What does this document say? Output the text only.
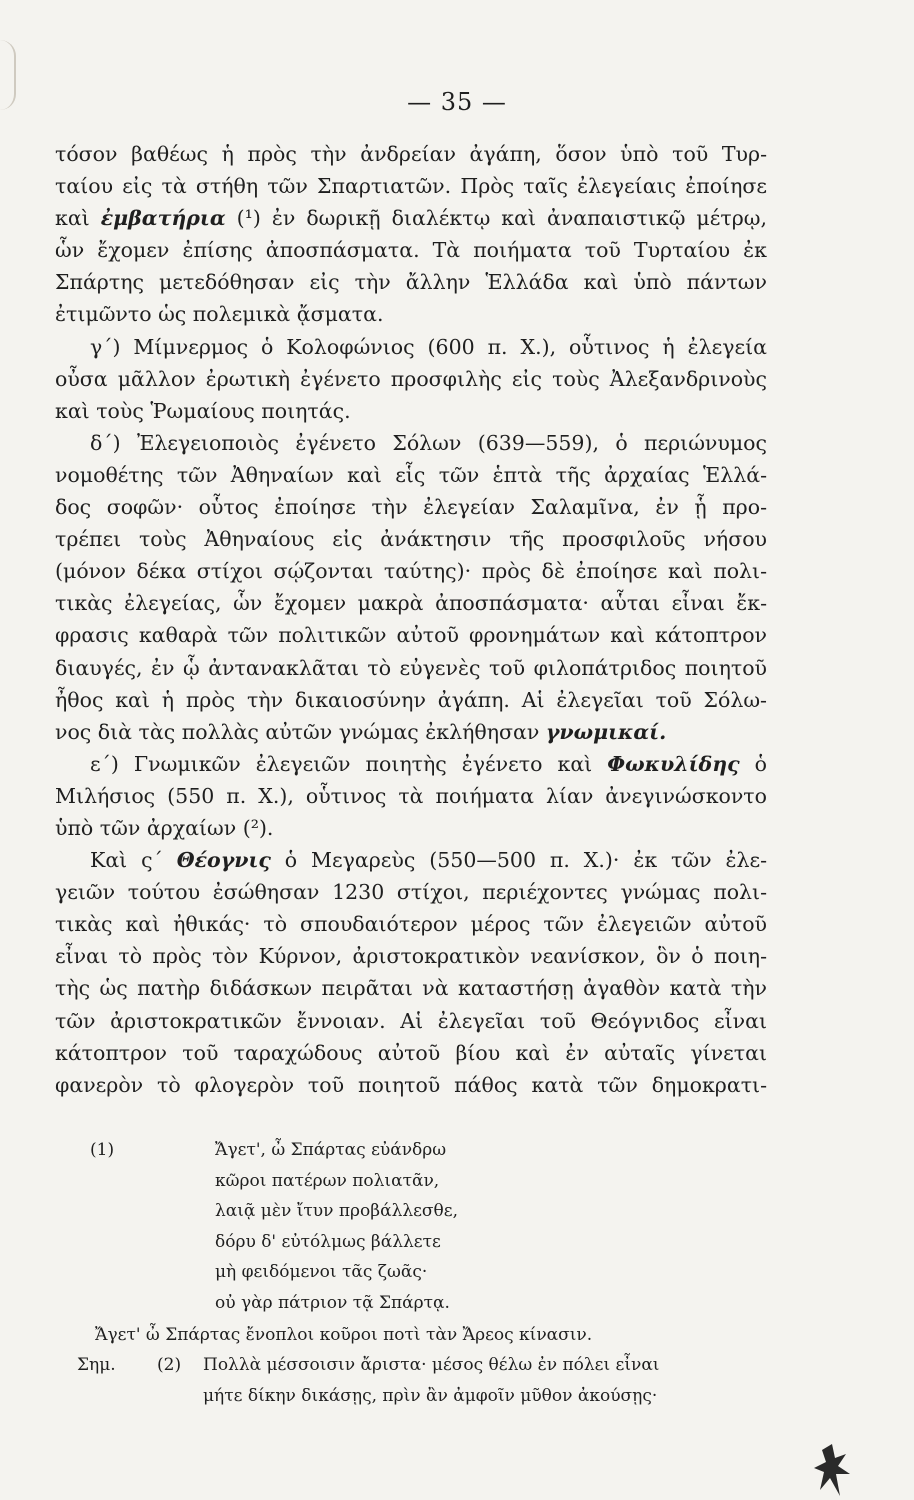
— 35 —
τόσον βαθέως ἡ πρὸς τὴν ἀνδρείαν ἀγάπη, ὅσον ὑπὸ τοῦ Τυρ-
ταίου εἰς τὰ στήθη τῶν Σπαρτιατῶν. Πρὸς ταῖς ἐλεγείαις ἐποίησε
καὶ ἐμβατήρια (¹) ἐν δωρικῇ διαλέκτῳ καὶ ἀναπαιστικῷ μέτρῳ,
ὧν ἔχομεν ἐπίσης ἀποσπάσματα. Τὰ ποιήματα τοῦ Τυρταίου ἐκ
Σπάρτης μετεδόθησαν εἰς τὴν ἄλλην Ἑλλάδα καὶ ὑπὸ πάντων
ἐτιμῶντο ὡς πολεμικὰ ᾄσματα.
γ΄) Μίμνερμος ὁ Κολοφώνιος (600 π. Χ.), οὗτινος ἡ ἐλεγεία
οὖσα μᾶλλον ἐρωτικὴ ἐγένετο προσφιλὴς εἰς τοὺς Ἀλεξανδρινοὺς
καὶ τοὺς Ῥωμαίους ποιητάς.
δ΄) Ἐλεγειοποιὸς ἐγένετο Σόλων (639—559), ὁ περιώνυμος
νομοθέτης τῶν Ἀθηναίων καὶ εἷς τῶν ἑπτὰ τῆς ἀρχαίας Ἑλλά-
δος σοφῶν· οὗτος ἐποίησε τὴν ἐλεγείαν Σαλαμῖνα, ἐν ᾗ προ-
τρέπει τοὺς Ἀθηναίους εἰς ἀνάκτησιν τῆς προσφιλοῦς νήσου
(μόνον δέκα στίχοι σῴζονται ταύτης)· πρὸς δὲ ἐποίησε καὶ πολι-
τικὰς ἐλεγείας, ὧν ἔχομεν μακρὰ ἀποσπάσματα· αὗται εἶναι ἔκ-
φρασις καθαρὰ τῶν πολιτικῶν αὐτοῦ φρονημάτων καὶ κάτοπτρον
διαυγές, ἐν ᾧ ἀντανακλᾶται τὸ εὐγενὲς τοῦ φιλοπάτριδος ποιητοῦ
ἦθος καὶ ἡ πρὸς τὴν δικαιοσύνην ἀγάπη. Αἱ ἐλεγεῖαι τοῦ Σόλω-
νος διὰ τὰς πολλὰς αὐτῶν γνώμας ἐκλήθησαν γνωμικαί.
ε΄) Γνωμικῶν ἐλεγειῶν ποιητὴς ἐγένετο καὶ Φωκυλίδης ὁ
Μιλήσιος (550 π. Χ.), οὗτινος τὰ ποιήματα λίαν ἀνεγινώσκοντο
ὑπὸ τῶν ἀρχαίων (²).
Καὶ ς΄ Θέογνις ὁ Μεγαρεὺς (550—500 π. Χ.)· ἐκ τῶν ἐλε-
γειῶν τούτου ἐσώθησαν 1230 στίχοι, περιέχοντες γνώμας πολι-
τικὰς καὶ ἠθικάς· τὸ σπουδαιότερον μέρος τῶν ἐλεγειῶν αὐτοῦ
εἶναι τὸ πρὸς τὸν Κύρνον, ἀριστοκρατικὸν νεανίσκον, ὃν ὁ ποιη-
τὴς ὡς πατὴρ διδάσκων πειρᾶται νὰ καταστήσῃ ἀγαθὸν κατὰ τὴν
τῶν ἀριστοκρατικῶν ἔννοιαν. Αἱ ἐλεγεῖαι τοῦ Θεόγνιδος εἶναι
κάτοπτρον τοῦ ταραχώδους αὐτοῦ βίου καὶ ἐν αὐταῖς γίνεται
φανερὸν τὸ φλογερὸν τοῦ ποιητοῦ πάθος κατὰ τῶν δημοκρατι-
(1)	Ἄγετ', ὦ Σπάρτας εὐάνδρω
κῶροι πατέρων πολιατᾶν,
λαιᾷ μὲν ἴτυν προβάλλεσθε,
δόρυ δ' εὐτόλμως βάλλετε
μὴ φειδόμενοι τᾶς ζωᾶς·
οὐ γὰρ πάτριον τᾷ Σπάρτᾳ.
Ἄγετ' ὦ Σπάρτας ἔνοπλοι κοῦροι ποτὶ τὰν Ἄρεος κίνασιν.
Σημ. (2) Πολλὰ μέσσοισιν ἄριστα· μέσος θέλω ἐν πόλει εἶναι
μήτε δίκην δικάσῃς, πρὶν ἂν ἀμφοῖν μῦθον ἀκούσῃς·
